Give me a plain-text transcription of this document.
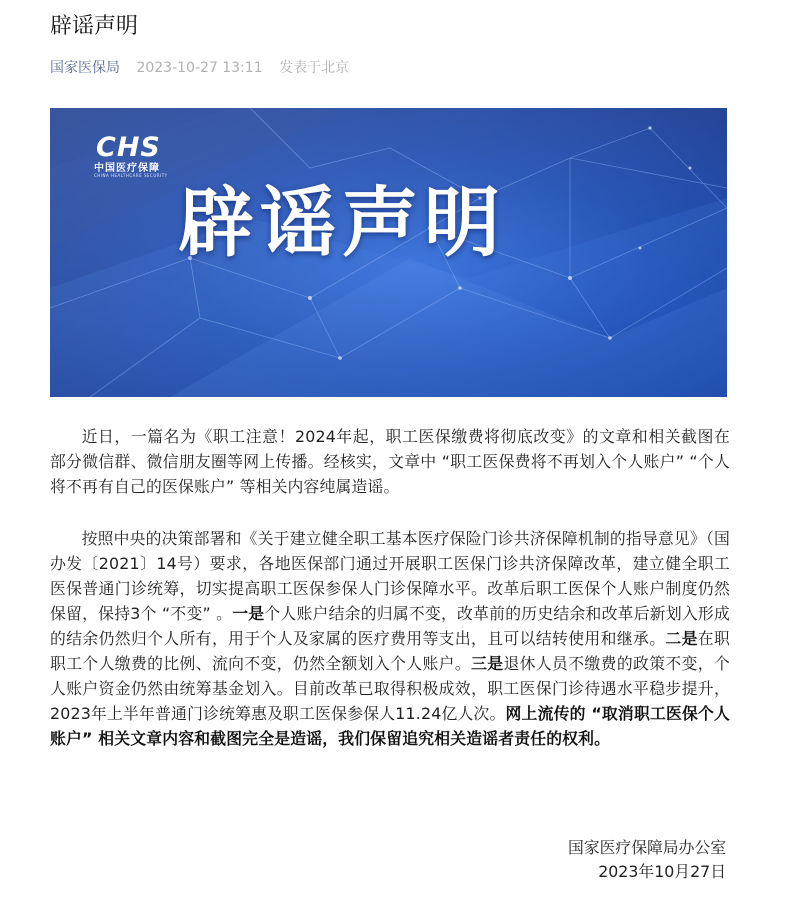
辟谣声明
国家医保局 2023-10-27 13:11 发表于北京
CHS
中国医疗保障
CHINA HEALTHCARE SECURITY
辟谣声明

近日，一篇名为《职工注意！2024年起，职工医保缴费将彻底改变》的文章和相关截图在部分微信群、微信朋友圈等网上传播。经核实，文章中 “职工医保费将不再划入个人账户” “个人将不再有自己的医保账户” 等相关内容纯属造谣。

按照中央的决策部署和《关于建立健全职工基本医疗保险门诊共济保障机制的指导意见》（国办发〔2021〕14号）要求，各地医保部门通过开展职工医保门诊共济保障改革，建立健全职工医保普通门诊统筹，切实提高职工医保参保人门诊保障水平。改革后职工医保个人账户制度仍然保留，保持3个 “不变” 。一是个人账户结余的归属不变，改革前的历史结余和改革后新划入形成的结余仍然归个人所有，用于个人及家属的医疗费用等支出，且可以结转使用和继承。二是在职职工个人缴费的比例、流向不变，仍然全额划入个人账户。三是退休人员不缴费的政策不变，个人账户资金仍然由统筹基金划入。目前改革已取得积极成效，职工医保门诊待遇水平稳步提升，2023年上半年普通门诊统筹惠及职工医保参保人11.24亿人次。网上流传的 “取消职工医保个人账户” 相关文章内容和截图完全是造谣，我们保留追究相关造谣者责任的权利。

国家医疗保障局办公室
2023年10月27日
